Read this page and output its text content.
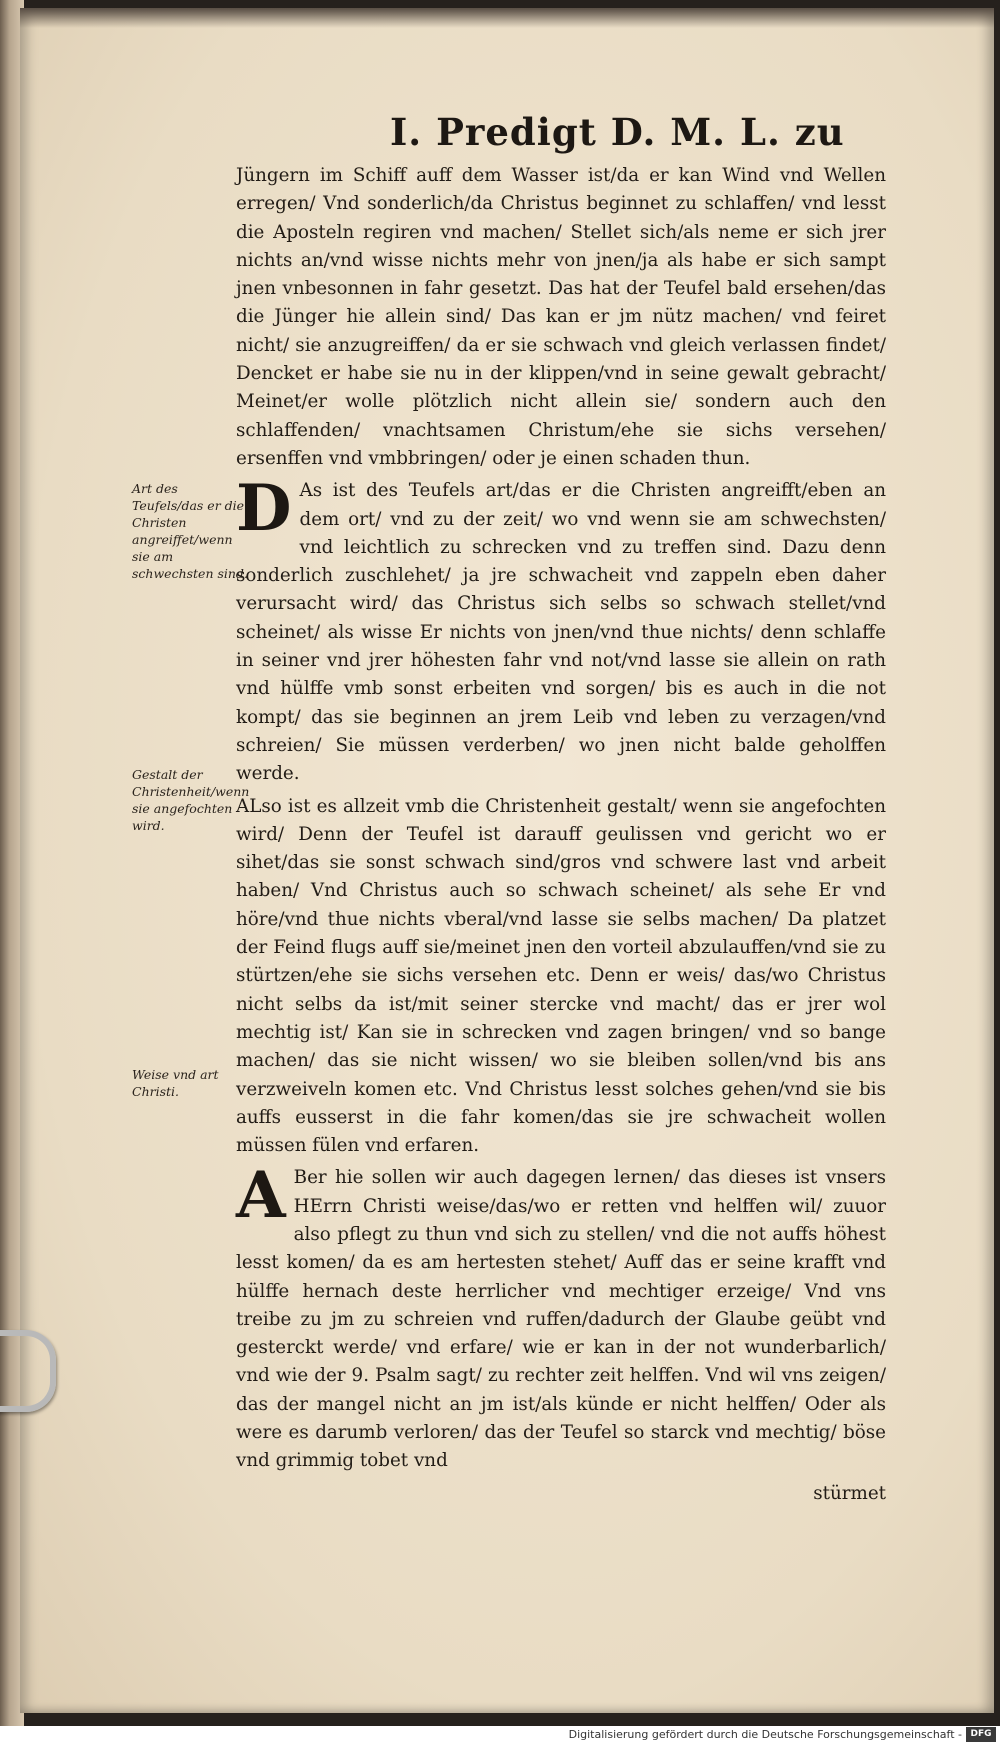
I. Predigt D. M. L. zu
Art des Teufels/das er die Christen angreiffet/wenn sie am schwechsten sind.
Gestalt der Christenheit/wenn sie angefochten wird.
Weise vnd art Christi.

Jüngern im Schiff auff dem Wasser ist/da er kan Wind vnd Wellen erregen/ Vnd sonderlich/da Christus beginnet zu schlaffen/ vnd lesst die Aposteln regiren vnd machen/ Stellet sich/als neme er sich jrer nichts an/vnd wisse nichts mehr von jnen/ja als habe er sich sampt jnen vnbesonnen in fahr gesetzt. Das hat der Teufel bald ersehen/das die Jünger hie allein sind/ Das kan er jm nütz machen/ vnd feiret nicht/ sie anzugreiffen/ da er sie schwach vnd gleich verlassen findet/ Dencket er habe sie nu in der klippen/vnd in seine gewalt gebracht/ Meinet/er wolle plötzlich nicht allein sie/ sondern auch den schlaffenden/ vnachtsamen Christum/ehe sie sichs versehen/ ersenffen vnd vmbbringen/ oder je einen schaden thun.

D As ist des Teufels art/das er die Christen angreifft/eben an dem ort/ vnd zu der zeit/ wo vnd wenn sie am schwechsten/ vnd leichtlich zu schrecken vnd zu treffen sind. Dazu denn sonderlich zuschlehet/ ja jre schwacheit vnd zappeln eben daher verursacht wird/ das Christus sich selbs so schwach stellet/vnd scheinet/ als wisse Er nichts von jnen/vnd thue nichts/ denn schlaffe in seiner vnd jrer höhesten fahr vnd not/vnd lasse sie allein on rath vnd hülffe vmb sonst erbeiten vnd sorgen/ bis es auch in die not kompt/ das sie beginnen an jrem Leib vnd leben zu verzagen/vnd schreien/ Sie müssen verderben/ wo jnen nicht balde geholffen werde.

ALso ist es allzeit vmb die Christenheit gestalt/ wenn sie angefochten wird/ Denn der Teufel ist darauff geulissen vnd gericht wo er sihet/das sie sonst schwach sind/gros vnd schwere last vnd arbeit haben/ Vnd Christus auch so schwach scheinet/ als sehe Er vnd höre/vnd thue nichts vberal/vnd lasse sie selbs machen/ Da platzet der Feind flugs auff sie/meinet jnen den vorteil abzulauffen/vnd sie zu stürtzen/ehe sie sichs versehen etc. Denn er weis/ das/wo Christus nicht selbs da ist/mit seiner stercke vnd macht/ das er jrer wol mechtig ist/ Kan sie in schrecken vnd zagen bringen/ vnd so bange machen/ das sie nicht wissen/ wo sie bleiben sollen/vnd bis ans verzweiveln komen etc. Vnd Christus lesst solches gehen/vnd sie bis auffs eusserst in die fahr komen/das sie jre schwacheit wollen müssen fülen vnd erfaren.

A Ber hie sollen wir auch dagegen lernen/ das dieses ist vnsers HErrn Christi weise/das/wo er retten vnd helffen wil/ zuuor also pflegt zu thun vnd sich zu stellen/ vnd die not auffs höhest lesst komen/ da es am hertesten stehet/ Auff das er seine krafft vnd hülffe hernach deste herrlicher vnd mechtiger erzeige/ Vnd vns treibe zu jm zu schreien vnd ruffen/dadurch der Glaube geübt vnd gesterckt werde/ vnd erfare/ wie er kan in der not wunderbarlich/ vnd wie der 9. Psalm sagt/ zu rechter zeit helffen. Vnd wil vns zeigen/ das der mangel nicht an jm ist/als künde er nicht helffen/ Oder als were es darumb verloren/ das der Teufel so starck vnd mechtig/ böse vnd grimmig tobet vnd

stürmet

Digitalisierung gefördert durch die Deutsche Forschungsgemeinschaft - DFG
